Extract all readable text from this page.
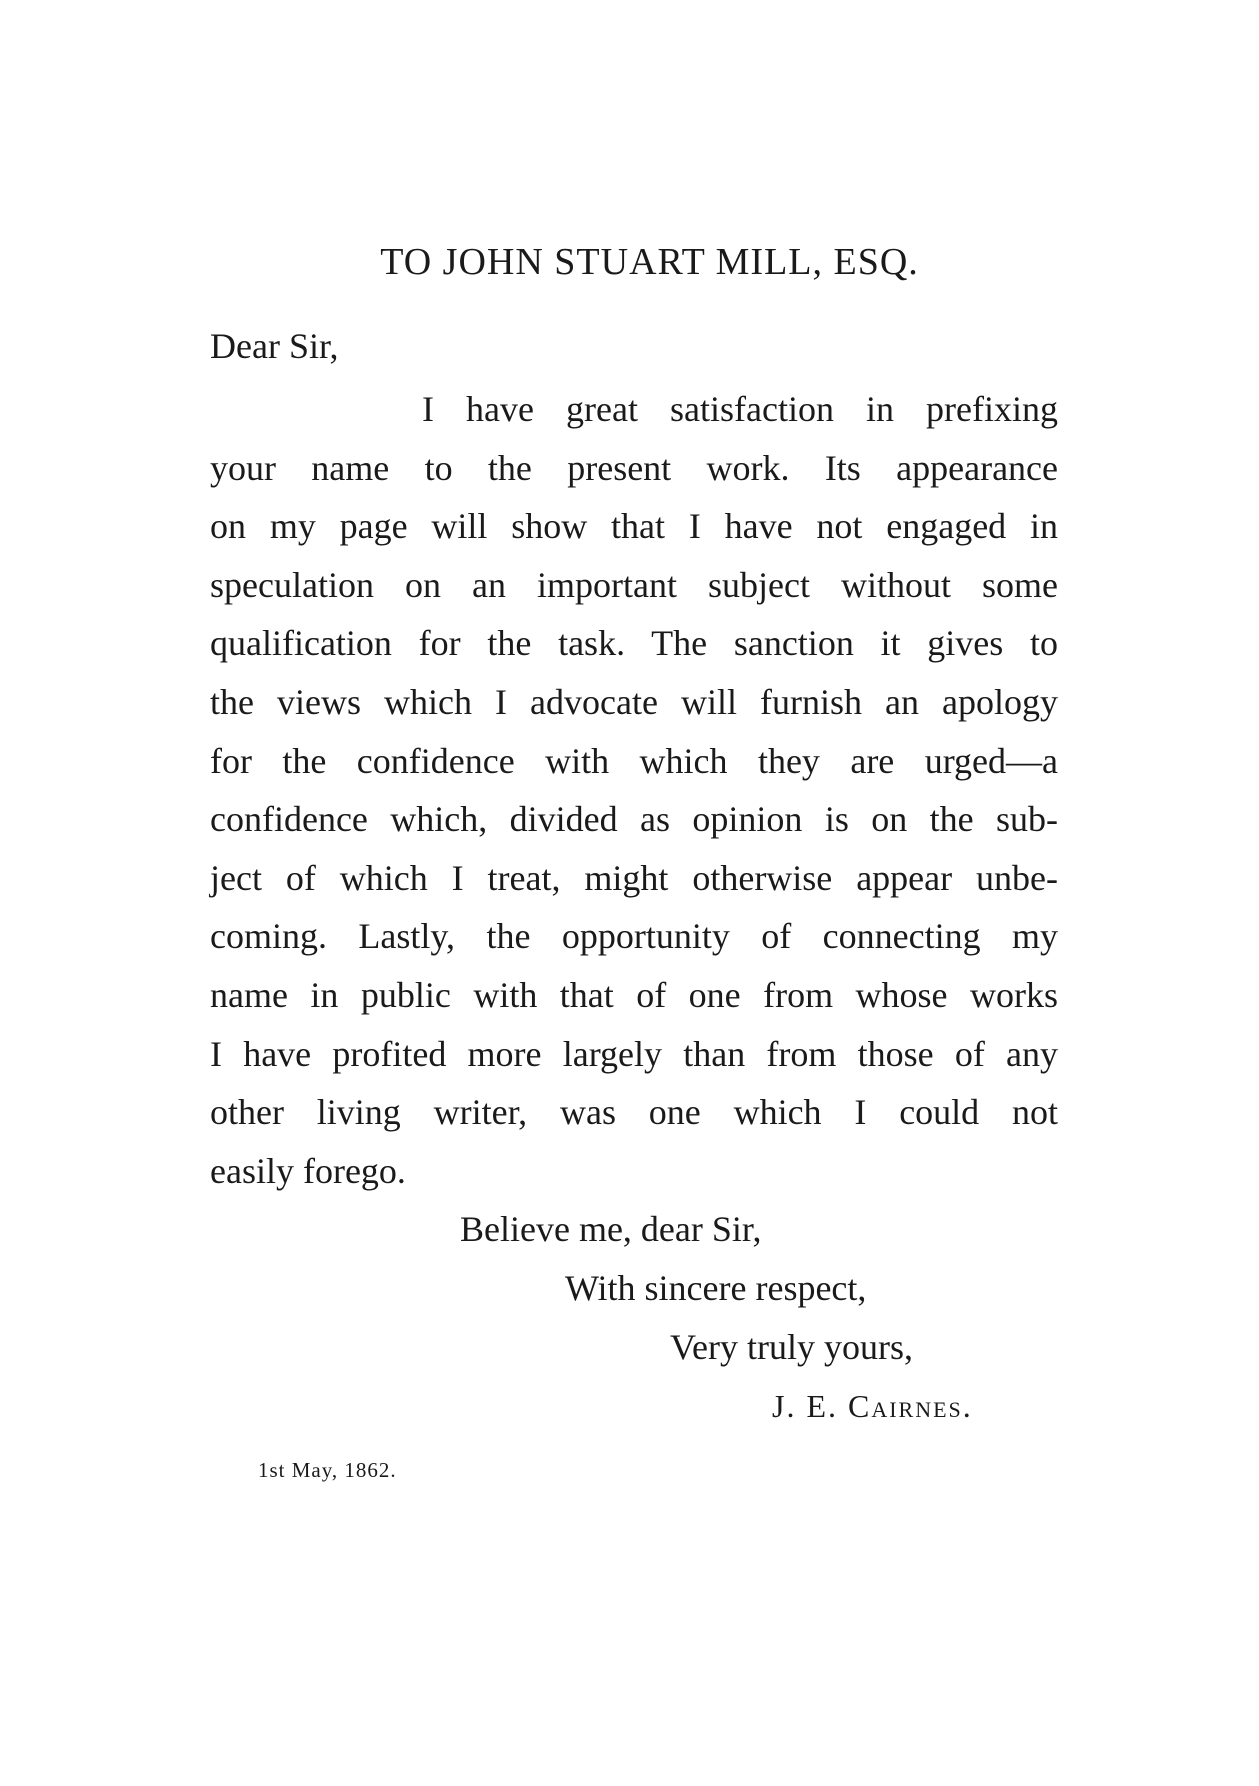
TO JOHN STUART MILL, ESQ.
Dear Sir,
I have great satisfaction in prefixing
your name to the present work. Its appearance
on my page will show that I have not engaged in
speculation on an important subject without some
qualification for the task. The sanction it gives to
the views which I advocate will furnish an apology
for the confidence with which they are urged—a
confidence which, divided as opinion is on the sub-
ject of which I treat, might otherwise appear unbe-
coming. Lastly, the opportunity of connecting my
name in public with that of one from whose works
I have profited more largely than from those of any
other living writer, was one which I could not
easily forego.
Believe me, dear Sir,
With sincere respect,
Very truly yours,
J. E. Cairnes.
1st May, 1862.
